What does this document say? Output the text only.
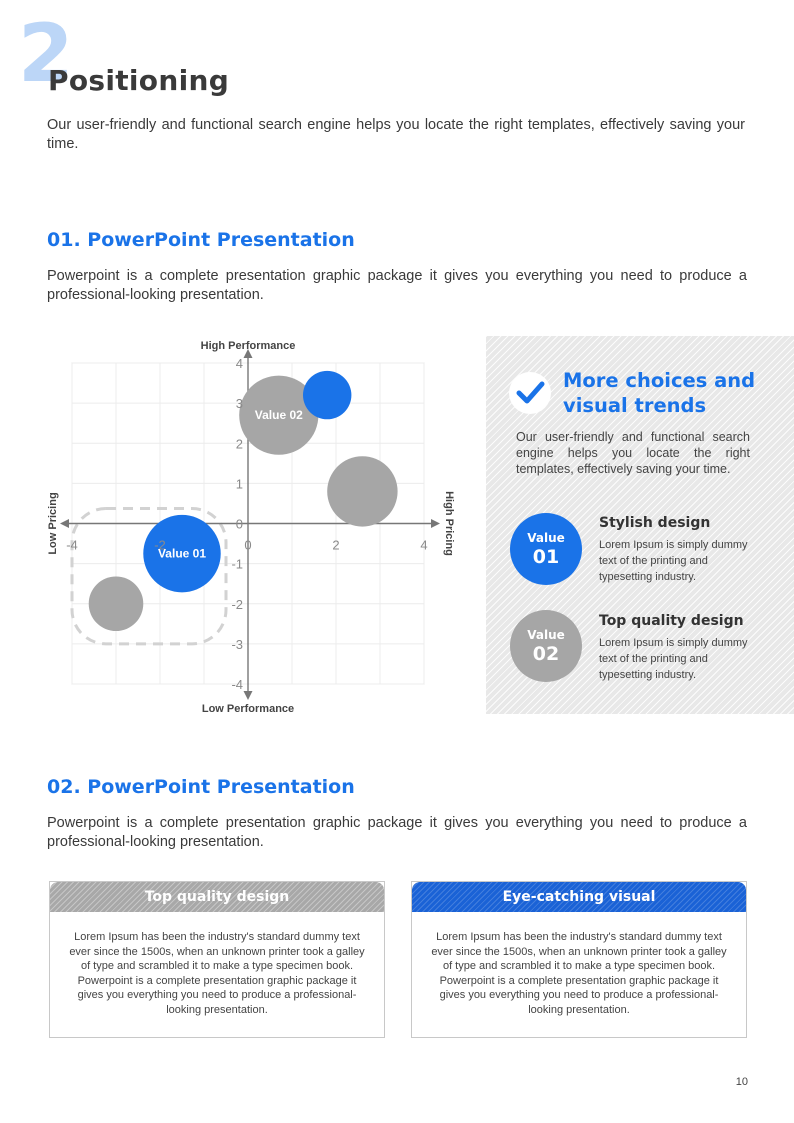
2
Positioning
Our user-friendly and functional search engine helps you locate the right templates, effectively saving your time.
01. PowerPoint Presentation
Powerpoint is a complete presentation graphic package it gives you everything you need to produce a professional-looking presentation.
-4	-2	0	2	4
-4
-3
-2
-1
0
1
2
3
4
Value 02
Value 01
High Performance
Low Performance
Low Pricing	High Pricing
More choices and visual trends
Our user-friendly and functional search engine helps you locate the right templates, effectively saving your time.
Value
01
Stylish design
Lorem Ipsum is simply dummy text of the printing and typesetting industry.
Value
02
Top quality design
Lorem Ipsum is simply dummy text of the printing and typesetting industry.
02. PowerPoint Presentation
Powerpoint is a complete presentation graphic package it gives you everything you need to produce a professional-looking presentation.
Top quality design
Lorem Ipsum has been the industry's standard dummy text ever since the 1500s, when an unknown printer took a galley of type and scrambled it to make a type specimen book. Powerpoint is a complete presentation graphic package it gives you everything you need to produce a professional-looking presentation.
Eye-catching visual
Lorem Ipsum has been the industry's standard dummy text ever since the 1500s, when an unknown printer took a galley of type and scrambled it to make a type specimen book. Powerpoint is a complete presentation graphic package it gives you everything you need to produce a professional-looking presentation.
10
